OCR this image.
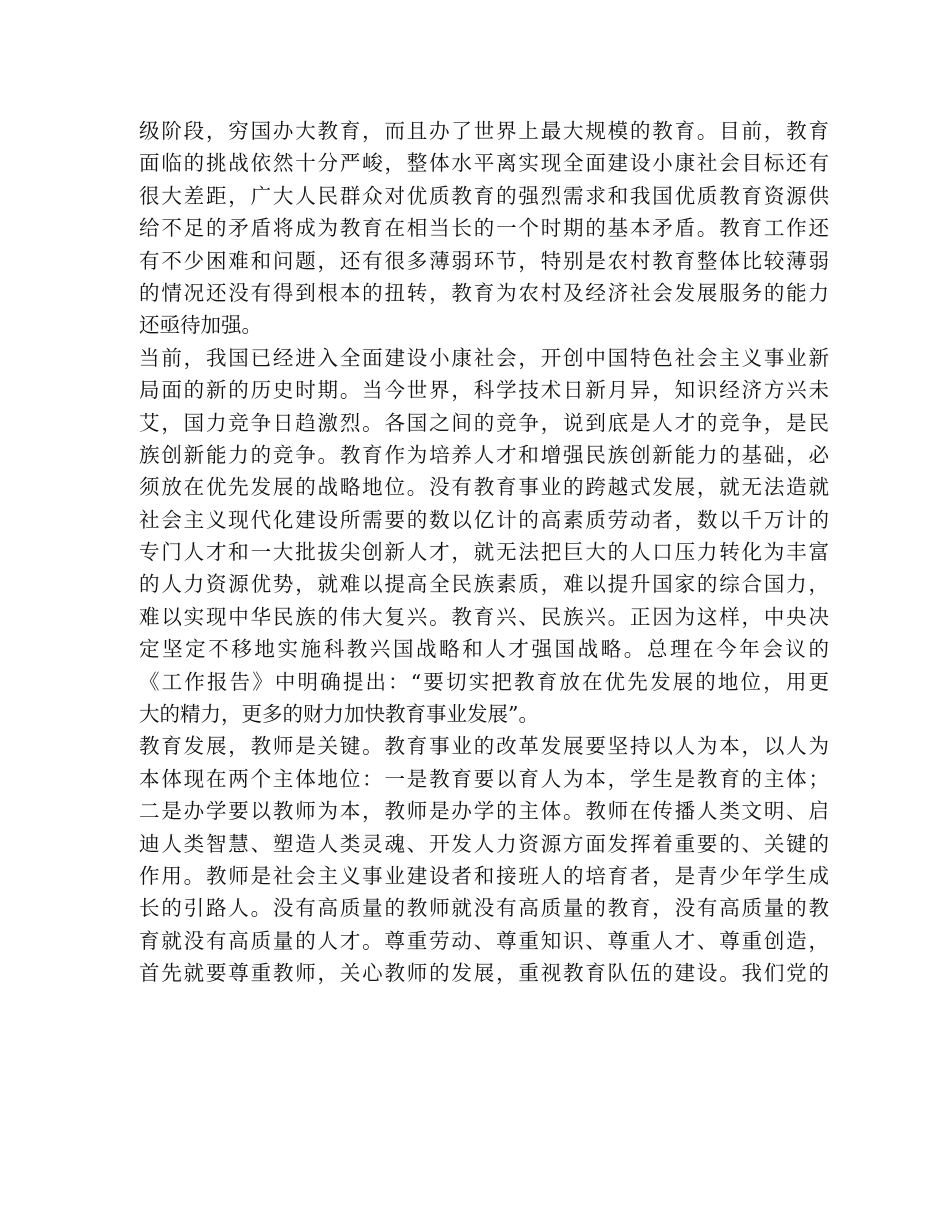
级阶段，穷国办大教育，而且办了世界上最大规模的教育。目前，教育
面临的挑战依然十分严峻，整体水平离实现全面建设小康社会目标还有
很大差距，广大人民群众对优质教育的强烈需求和我国优质教育资源供
给不足的矛盾将成为教育在相当长的一个时期的基本矛盾。教育工作还
有不少困难和问题，还有很多薄弱环节，特别是农村教育整体比较薄弱
的情况还没有得到根本的扭转，教育为农村及经济社会发展服务的能力
还亟待加强。
当前，我国已经进入全面建设小康社会，开创中国特色社会主义事业新
局面的新的历史时期。当今世界，科学技术日新月异，知识经济方兴未
艾，国力竞争日趋激烈。各国之间的竞争，说到底是人才的竞争，是民
族创新能力的竞争。教育作为培养人才和增强民族创新能力的基础，必
须放在优先发展的战略地位。没有教育事业的跨越式发展，就无法造就
社会主义现代化建设所需要的数以亿计的高素质劳动者，数以千万计的
专门人才和一大批拔尖创新人才，就无法把巨大的人口压力转化为丰富
的人力资源优势，就难以提高全民族素质，难以提升国家的综合国力，
难以实现中华民族的伟大复兴。教育兴、民族兴。正因为这样，中央决
定坚定不移地实施科教兴国战略和人才强国战略。总理在今年会议的
《工作报告》中明确提出：“要切实把教育放在优先发展的地位，用更
大的精力，更多的财力加快教育事业发展”。
教育发展，教师是关键。教育事业的改革发展要坚持以人为本，以人为
本体现在两个主体地位：一是教育要以育人为本，学生是教育的主体；
二是办学要以教师为本，教师是办学的主体。教师在传播人类文明、启
迪人类智慧、塑造人类灵魂、开发人力资源方面发挥着重要的、关键的
作用。教师是社会主义事业建设者和接班人的培育者，是青少年学生成
长的引路人。没有高质量的教师就没有高质量的教育，没有高质量的教
育就没有高质量的人才。尊重劳动、尊重知识、尊重人才、尊重创造，
首先就要尊重教师，关心教师的发展，重视教育队伍的建设。我们党的
